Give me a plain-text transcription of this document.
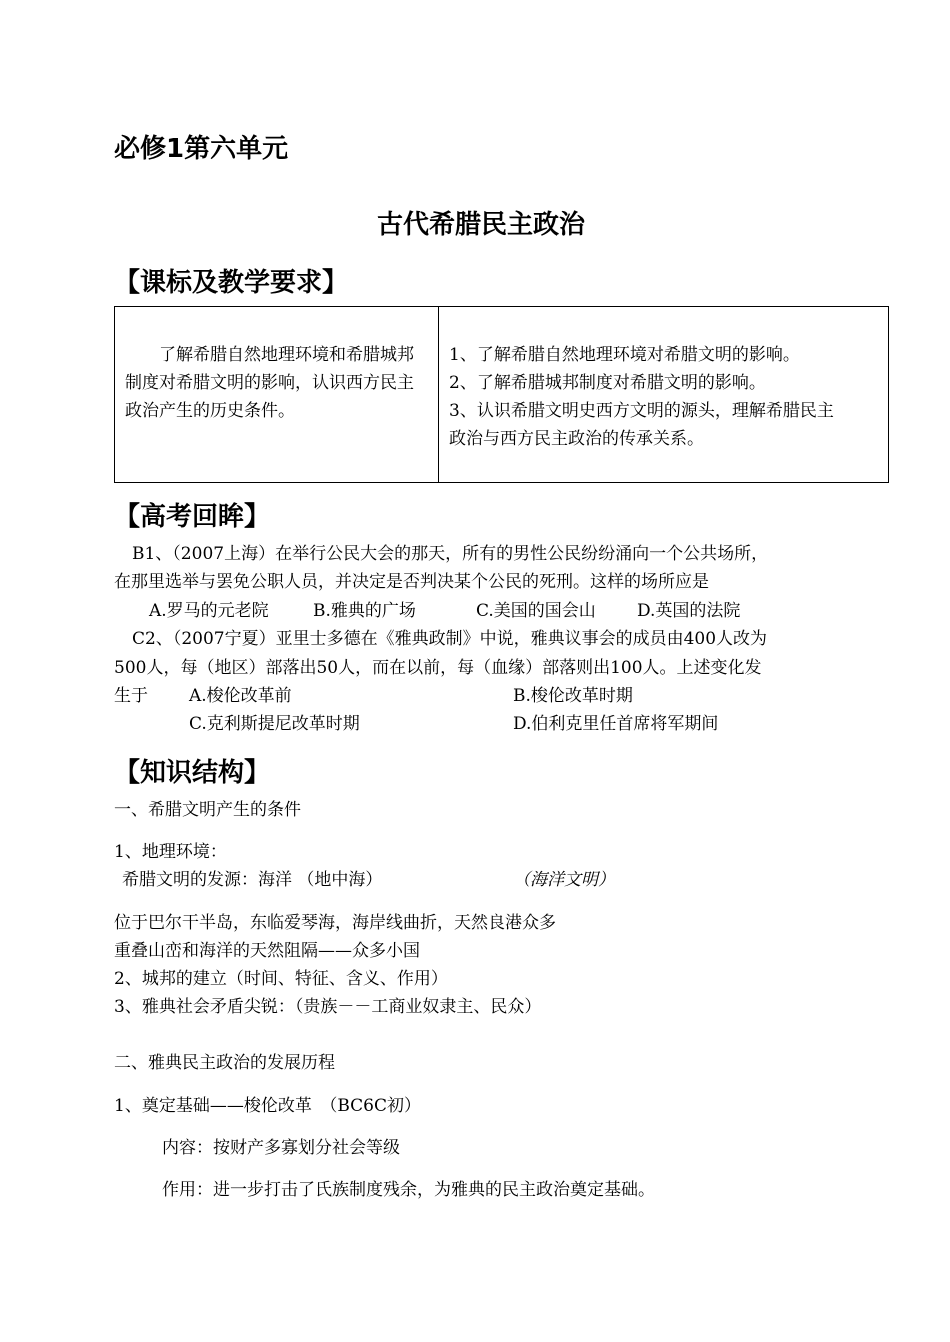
必修1第六单元
古代希腊民主政治
【课标及教学要求】
了解希腊自然地理环境和希腊城邦制度对希腊文明的影响，认识西方民主政治产生的历史条件。

1、了解希腊自然地理环境对希腊文明的影响。
2、了解希腊城邦制度对希腊文明的影响。
3、认识希腊文明史西方文明的源头，理解希腊民主
政治与西方民主政治的传承关系。
【高考回眸】
B1、（2007上海）在举行公民大会的那天，所有的男性公民纷纷涌向一个公共场所，
在那里选举与罢免公职人员，并决定是否判决某个公民的死刑。这样的场所应是
A.罗马的元老院	B.雅典的广场	C.美国的国会山 D.英国的法院
C2、（2007宁夏）亚里士多德在《雅典政制》中说，雅典议事会的成员由400人改为
500人，每（地区）部落出50人，而在以前，每（血缘）部落则出100人。上述变化发
生于 A.梭伦改革前	B.梭伦改革时期
C.克利斯提尼改革时期	D.伯利克里任首席将军期间
【知识结构】
一、希腊文明产生的条件
1、地理环境：
希腊文明的发源：海洋 （地中海）	（海洋文明）
位于巴尔干半岛，东临爱琴海，海岸线曲折，天然良港众多
重叠山峦和海洋的天然阻隔——众多小国
2、城邦的建立（时间、特征、含义、作用）
3、雅典社会矛盾尖锐：（贵族－－工商业奴隶主、民众）
二、雅典民主政治的发展历程
1、奠定基础——梭伦改革　（BC6C初）
内容：按财产多寡划分社会等级
作用：进一步打击了氏族制度残余，为雅典的民主政治奠定基础。
